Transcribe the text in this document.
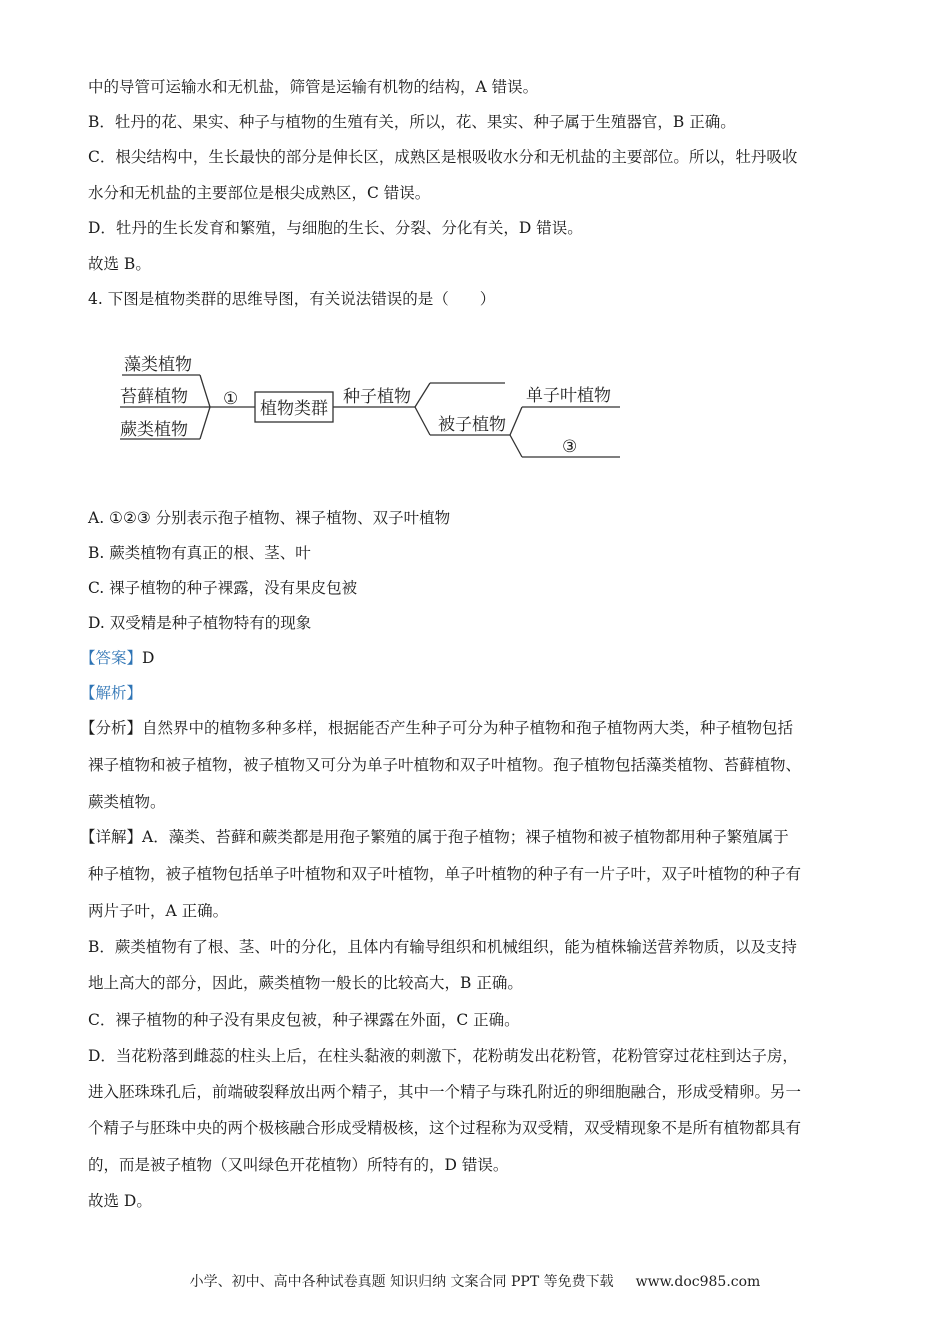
中的导管可运输水和无机盐，筛管是运输有机物的结构，A 错误。
B．牡丹的花、果实、种子与植物的生殖有关，所以，花、果实、种子属于生殖器官，B 正确。
C．根尖结构中，生长最快的部分是伸长区，成熟区是根吸收水分和无机盐的主要部位。所以，牡丹吸收
水分和无机盐的主要部位是根尖成熟区，C 错误。
D．牡丹的生长发育和繁殖，与细胞的生长、分裂、分化有关，D 错误。
故选 B。
4. 下图是植物类群的思维导图，有关说法错误的是（　　）
藻类植物
苔藓植物
蕨类植物
① 植物类群
种子植物
被子植物
单子叶植物
③
A. ①②③ 分别表示孢子植物、裸子植物、双子叶植物
B. 蕨类植物有真正的根、茎、叶
C. 裸子植物的种子裸露，没有果皮包被
D. 双受精是种子植物特有的现象
【答案】D
【解析】
【分析】自然界中的植物多种多样，根据能否产生种子可分为种子植物和孢子植物两大类，种子植物包括
裸子植物和被子植物，被子植物又可分为单子叶植物和双子叶植物。孢子植物包括藻类植物、苔藓植物、
蕨类植物。
【详解】A．藻类、苔藓和蕨类都是用孢子繁殖的属于孢子植物；裸子植物和被子植物都用种子繁殖属于
种子植物，被子植物包括单子叶植物和双子叶植物，单子叶植物的种子有一片子叶，双子叶植物的种子有
两片子叶，A 正确。
B．蕨类植物有了根、茎、叶的分化，且体内有输导组织和机械组织，能为植株输送营养物质，以及支持
地上高大的部分，因此，蕨类植物一般长的比较高大，B 正确。
C．裸子植物的种子没有果皮包被，种子裸露在外面，C 正确。
D．当花粉落到雌蕊的柱头上后，在柱头黏液的刺激下，花粉萌发出花粉管，花粉管穿过花柱到达子房，
进入胚珠珠孔后，前端破裂释放出两个精子，其中一个精子与珠孔附近的卵细胞融合，形成受精卵。另一
个精子与胚珠中央的两个极核融合形成受精极核，这个过程称为双受精，双受精现象不是所有植物都具有
的，而是被子植物（又叫绿色开花植物）所特有的，D 错误。
故选 D。
小学、初中、高中各种试卷真题 知识归纳 文案合同 PPT 等免费下载 www.doc985.com
